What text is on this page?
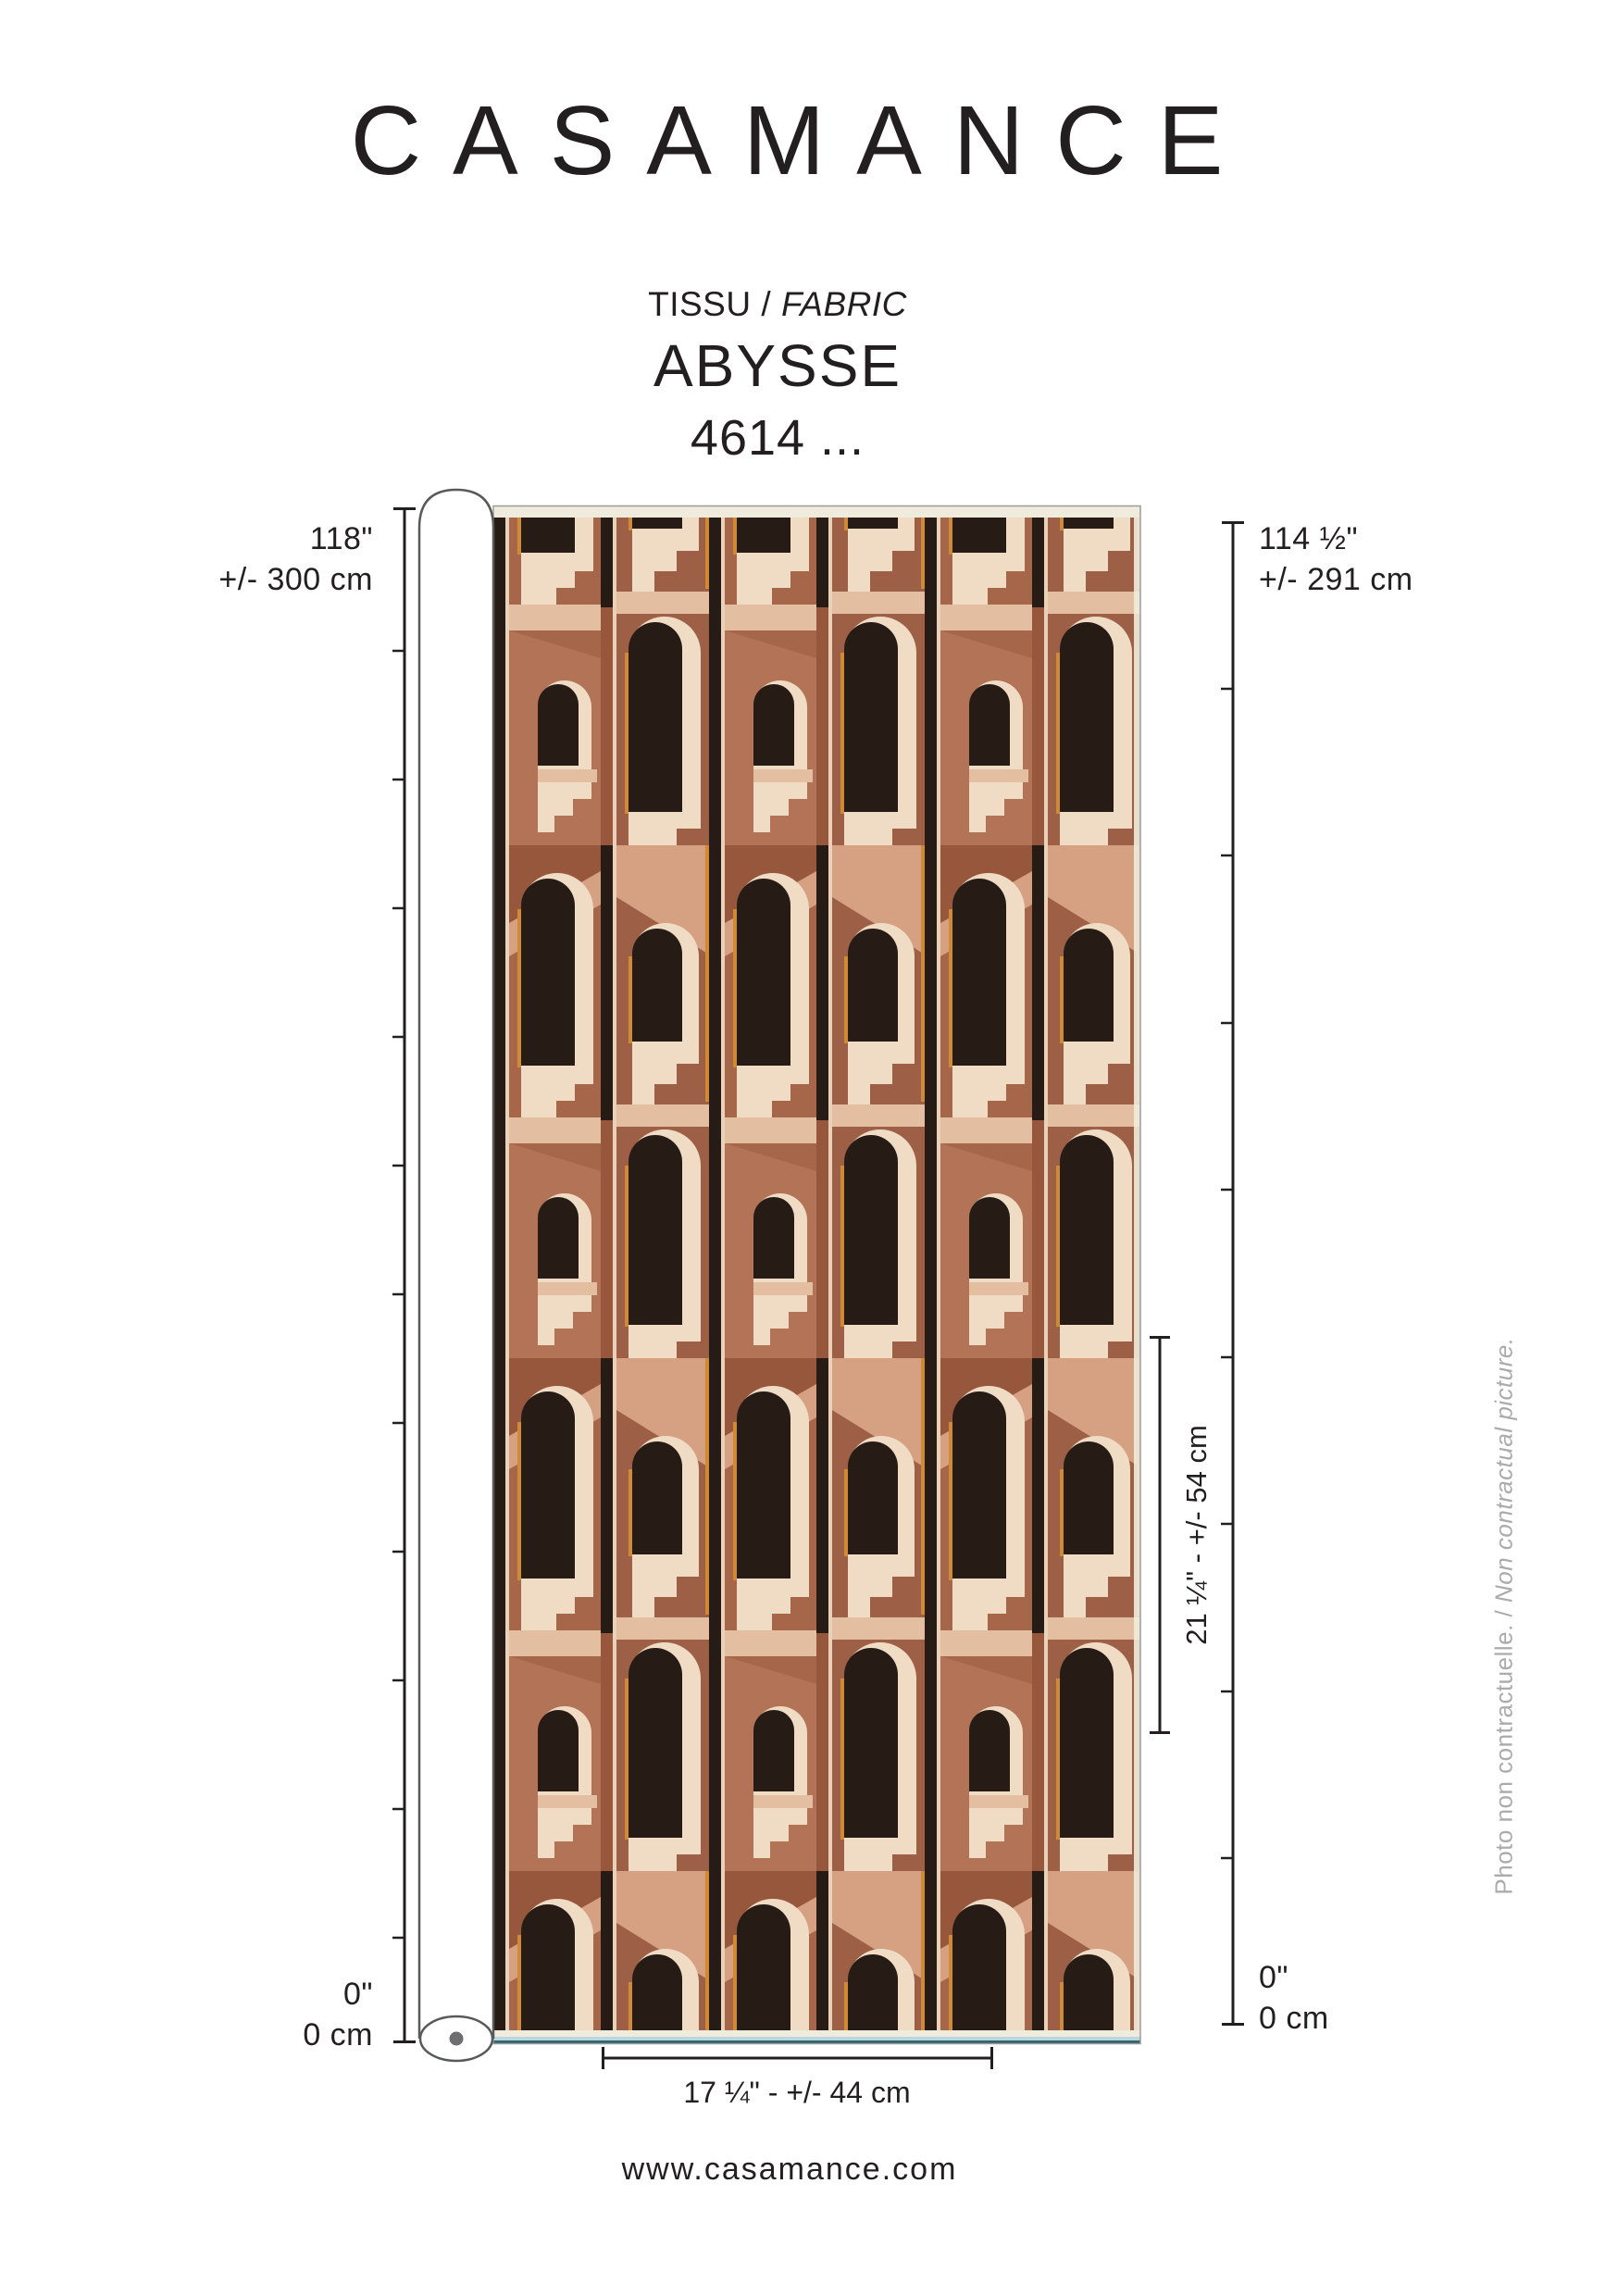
CASAMANCE
TISSU / FABRIC
ABYSSE
4614 ...
118"
+/- 300 cm
0"
0 cm
114 ½"
+/- 291 cm
0"
0 cm
21 ¼" - +/- 54 cm
17 ¼" - +/- 44 cm
Photo non contractuelle. / Non contractual picture.
www.casamance.com
